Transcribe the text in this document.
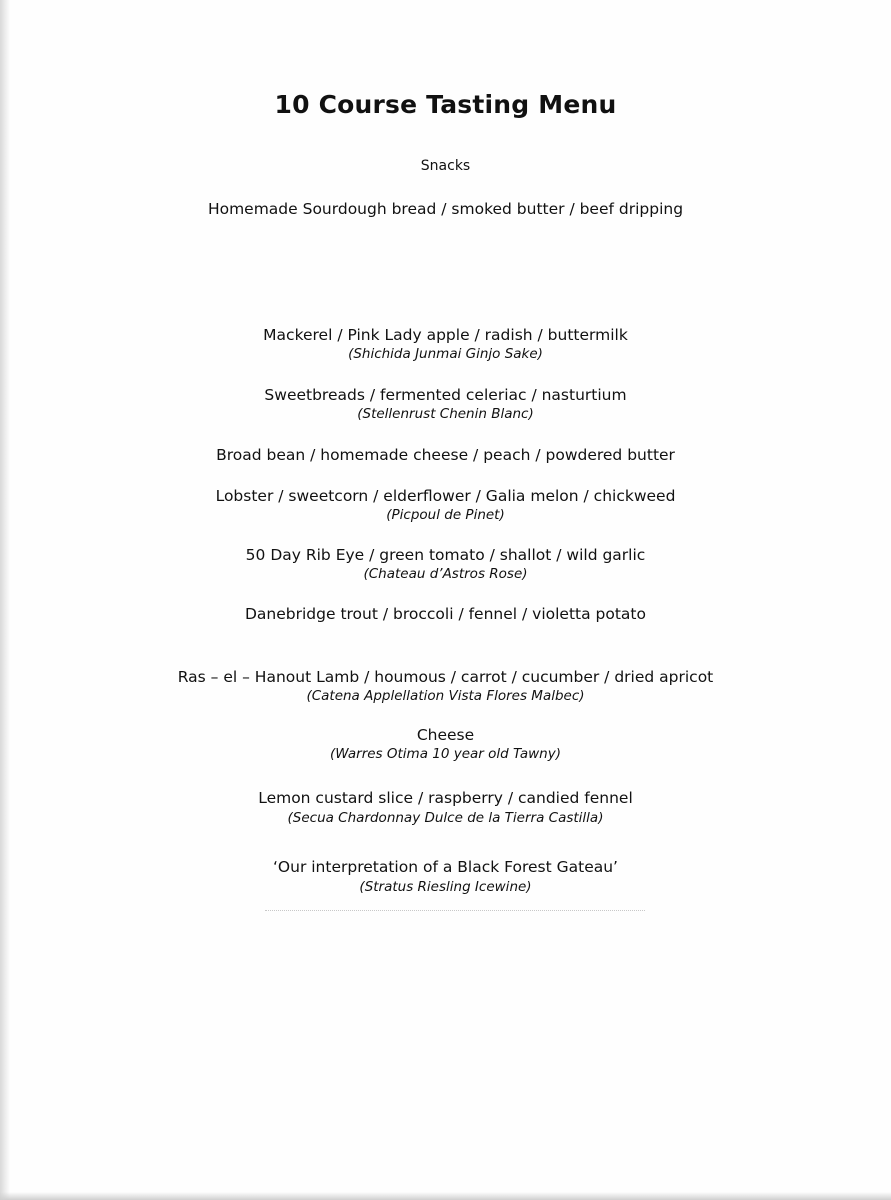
10 Course Tasting Menu
Snacks
Homemade Sourdough bread / smoked butter / beef dripping
Mackerel / Pink Lady apple / radish / buttermilk
(Shichida Junmai Ginjo Sake)
Sweetbreads / fermented celeriac / nasturtium
(Stellenrust Chenin Blanc)
Broad bean / homemade cheese / peach / powdered butter
Lobster / sweetcorn / elderflower / Galia melon / chickweed
(Picpoul de Pinet)
50 Day Rib Eye / green tomato / shallot / wild garlic
(Chateau d’Astros Rose)
Danebridge trout / broccoli / fennel / violetta potato
Ras – el – Hanout Lamb / houmous / carrot / cucumber / dried apricot
(Catena Applellation Vista Flores Malbec)
Cheese
(Warres Otima 10 year old Tawny)
Lemon custard slice / raspberry / candied fennel
(Secua Chardonnay Dulce de la Tierra Castilla)
‘Our interpretation of a Black Forest Gateau’
(Stratus Riesling Icewine)
